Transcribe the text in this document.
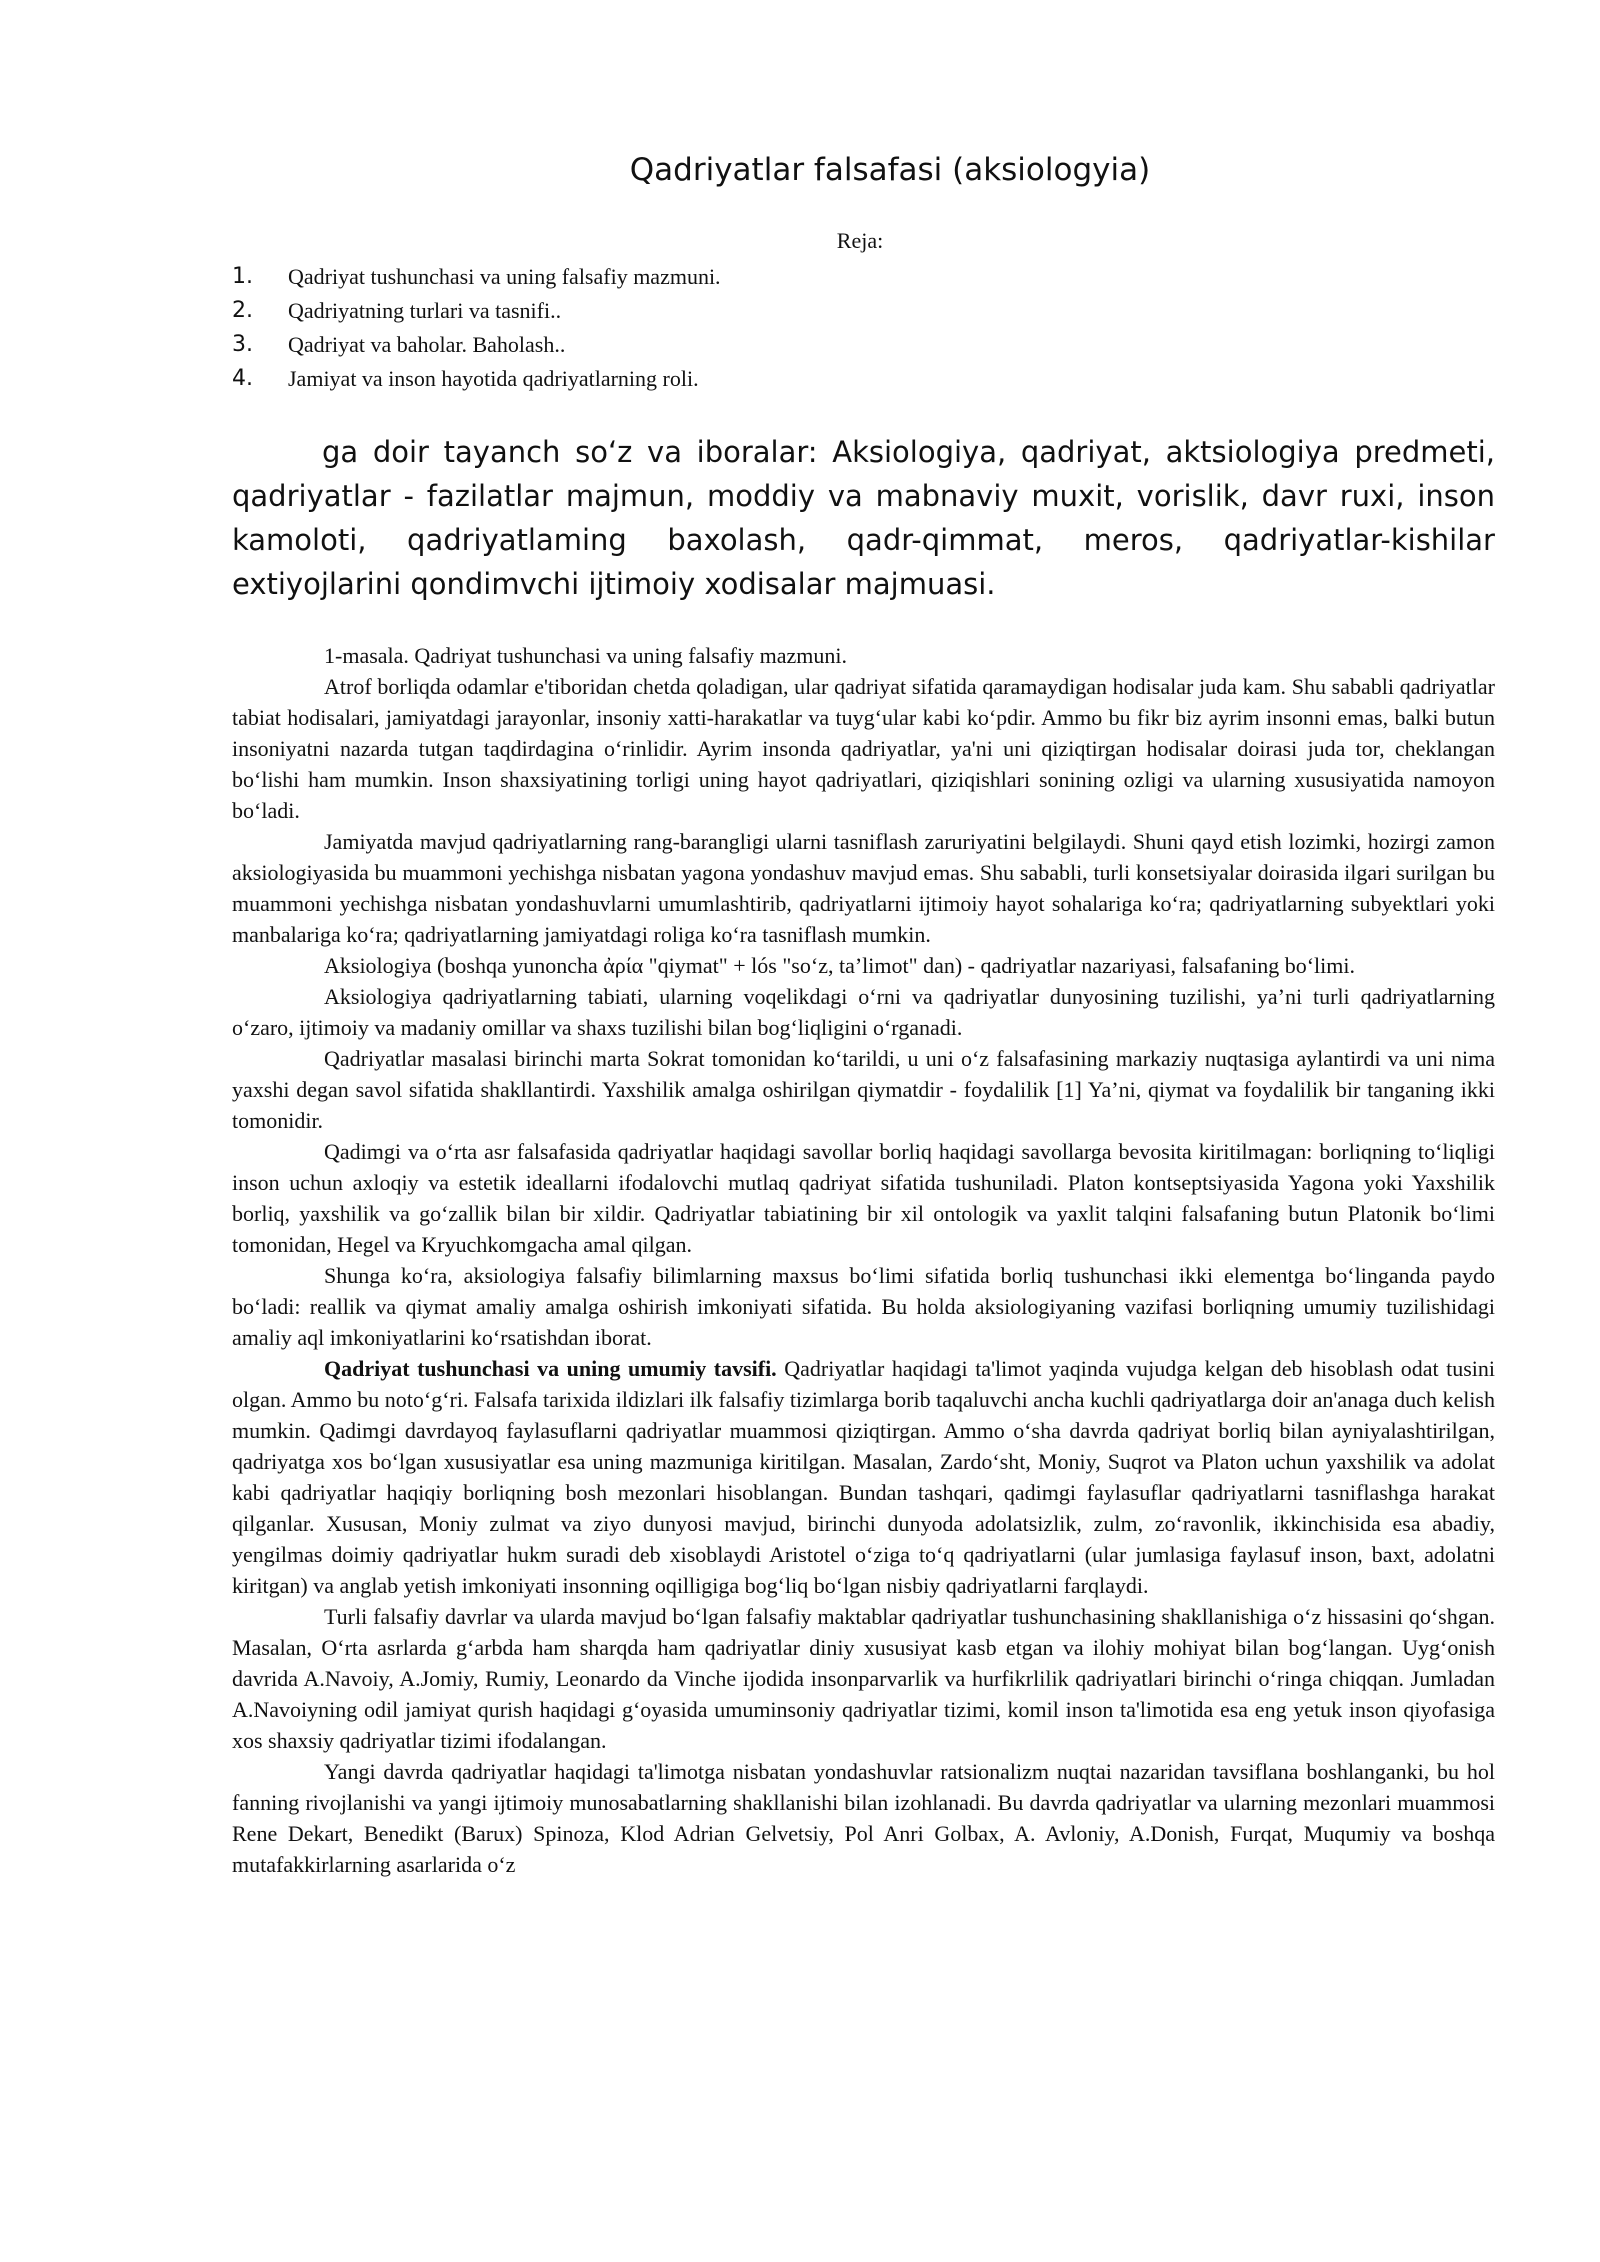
Qadriyatlar falsafasi (aksiologyia)
Reja:
1.	Qadriyat tushunchasi va uning falsafiy mazmuni.
2.	Qadriyatning turlari va tasnifi..
3.	Qadriyat va baholar. Baholash..
4.	Jamiyat va inson hayotida qadriyatlarning roli.

ga doir tayanch so‘z va iboralar: Aksiologiya, qadriyat, aktsiologiya predmeti, qadriyatlar - fazilatlar majmun, moddiy va mabnaviy muxit, vorislik, davr ruxi, inson kamoloti, qadriyatlaming baxolash, qadr-qimmat, meros, qadriyatlar-kishilar extiyojlarini qondimvchi ijtimoiy xodisalar majmuasi.

1-masala. Qadriyat tushunchasi va uning falsafiy mazmuni.

Atrof borliqda odamlar e'tiboridan chetda qoladigan, ular qadriyat sifatida qaramaydigan hodisalar juda kam. Shu sababli qadriyatlar tabiat hodisalari, jamiyatdagi jarayonlar, insoniy xatti-harakatlar va tuyg‘ular kabi ko‘pdir. Ammo bu fikr biz ayrim insonni emas, balki butun insoniyatni nazarda tutgan taqdirdagina o‘rinlidir. Ayrim insonda qadriyatlar, ya'ni uni qiziqtirgan hodisalar doirasi juda tor, cheklangan bo‘lishi ham mumkin. Inson shaxsiyatining torligi uning hayot qadriyatlari, qiziqishlari sonining ozligi va ularning xususiyatida namoyon bo‘ladi.

Jamiyatda mavjud qadriyatlarning rang-barangligi ularni tasniflash zaruriyatini belgilaydi. Shuni qayd etish lozimki, hozirgi zamon aksiologiyasida bu muammoni yechishga nisbatan yagona yondashuv mavjud emas. Shu sababli, turli konsetsiyalar doirasida ilgari surilgan bu muammoni yechishga nisbatan yondashuvlarni umumlashtirib, qadriyatlarni ijtimoiy hayot sohalariga ko‘ra; qadriyatlarning subyektlari yoki manbalariga ko‘ra; qadriyatlarning jamiyatdagi roliga ko‘ra tasniflash mumkin.

Aksiologiya (boshqa yunoncha ἀρία "qiymat" + lós "so‘z, ta’limot" dan) - qadriyatlar nazariyasi, falsafaning bo‘limi.

Aksiologiya qadriyatlarning tabiati, ularning voqelikdagi o‘rni va qadriyatlar dunyosining tuzilishi, ya’ni turli qadriyatlarning o‘zaro, ijtimoiy va madaniy omillar va shaxs tuzilishi bilan bog‘liqligini o‘rganadi.

Qadriyatlar masalasi birinchi marta Sokrat tomonidan ko‘tarildi, u uni o‘z falsafasining markaziy nuqtasiga aylantirdi va uni nima yaxshi degan savol sifatida shakllantirdi. Yaxshilik amalga oshirilgan qiymatdir - foydalilik [1] Ya’ni, qiymat va foydalilik bir tanganing ikki tomonidir.

Qadimgi va o‘rta asr falsafasida qadriyatlar haqidagi savollar borliq haqidagi savollarga bevosita kiritilmagan: borliqning to‘liqligi inson uchun axloqiy va estetik ideallarni ifodalovchi mutlaq qadriyat sifatida tushuniladi. Platon kontseptsiyasida Yagona yoki Yaxshilik borliq, yaxshilik va go‘zallik bilan bir xildir. Qadriyatlar tabiatining bir xil ontologik va yaxlit talqini falsafaning butun Platonik bo‘limi tomonidan, Hegel va Kryuchkomgacha amal qilgan.

Shunga ko‘ra, aksiologiya falsafiy bilimlarning maxsus bo‘limi sifatida borliq tushunchasi ikki elementga bo‘linganda paydo bo‘ladi: reallik va qiymat amaliy amalga oshirish imkoniyati sifatida. Bu holda aksiologiyaning vazifasi borliqning umumiy tuzilishidagi amaliy aql imkoniyatlarini ko‘rsatishdan iborat.

Qadriyat tushunchasi va uning umumiy tavsifi. Qadriyatlar haqidagi ta'limot yaqinda vujudga kelgan deb hisoblash odat tusini olgan. Ammo bu noto‘g‘ri. Falsafa tarixida ildizlari ilk falsafiy tizimlarga borib taqaluvchi ancha kuchli qadriyatlarga doir an'anaga duch kelish mumkin. Qadimgi davrdayoq faylasuflarni qadriyatlar muammosi qiziqtirgan. Ammo o‘sha davrda qadriyat borliq bilan ayniyalashtirilgan, qadriyatga xos bo‘lgan xususiyatlar esa uning mazmuniga kiritilgan. Masalan, Zardo‘sht, Moniy, Suqrot va Platon uchun yaxshilik va adolat kabi qadriyatlar haqiqiy borliqning bosh mezonlari hisoblangan. Bundan tashqari, qadimgi faylasuflar qadriyatlarni tasniflashga harakat qilganlar. Xususan, Moniy zulmat va ziyo dunyosi mavjud, birinchi dunyoda adolatsizlik, zulm, zo‘ravonlik, ikkinchisida esa abadiy, yengilmas doimiy qadriyatlar hukm suradi deb xisoblaydi Aristotel o‘ziga to‘q qadriyatlarni (ular jumlasiga faylasuf inson, baxt, adolatni kiritgan) va anglab yetish imkoniyati insonning oqilligiga bog‘liq bo‘lgan nisbiy qadriyatlarni farqlaydi.

Turli falsafiy davrlar va ularda mavjud bo‘lgan falsafiy maktablar qadriyatlar tushunchasining shakllanishiga o‘z hissasini qo‘shgan. Masalan, O‘rta asrlarda g‘arbda ham sharqda ham qadriyatlar diniy xususiyat kasb etgan va ilohiy mohiyat bilan bog‘langan. Uyg‘onish davrida A.Navoiy, A.Jomiy, Rumiy, Leonardo da Vinche ijodida insonparvarlik va hurfikrlilik qadriyatlari birinchi o‘ringa chiqqan. Jumladan A.Navoiyning odil jamiyat qurish haqidagi g‘oyasida umuminsoniy qadriyatlar tizimi, komil inson ta'limotida esa eng yetuk inson qiyofasiga xos shaxsiy qadriyatlar tizimi ifodalangan.

Yangi davrda qadriyatlar haqidagi ta'limotga nisbatan yondashuvlar ratsionalizm nuqtai nazaridan tavsiflana boshlanganki, bu hol fanning rivojlanishi va yangi ijtimoiy munosabatlarning shakllanishi bilan izohlanadi. Bu davrda qadriyatlar va ularning mezonlari muammosi Rene Dekart, Benedikt (Barux) Spinoza, Klod Adrian Gelvetsiy, Pol Anri Golbax, A. Avloniy, A.Donish, Furqat, Muqumiy va boshqa mutafakkirlarning asarlarida o‘z
